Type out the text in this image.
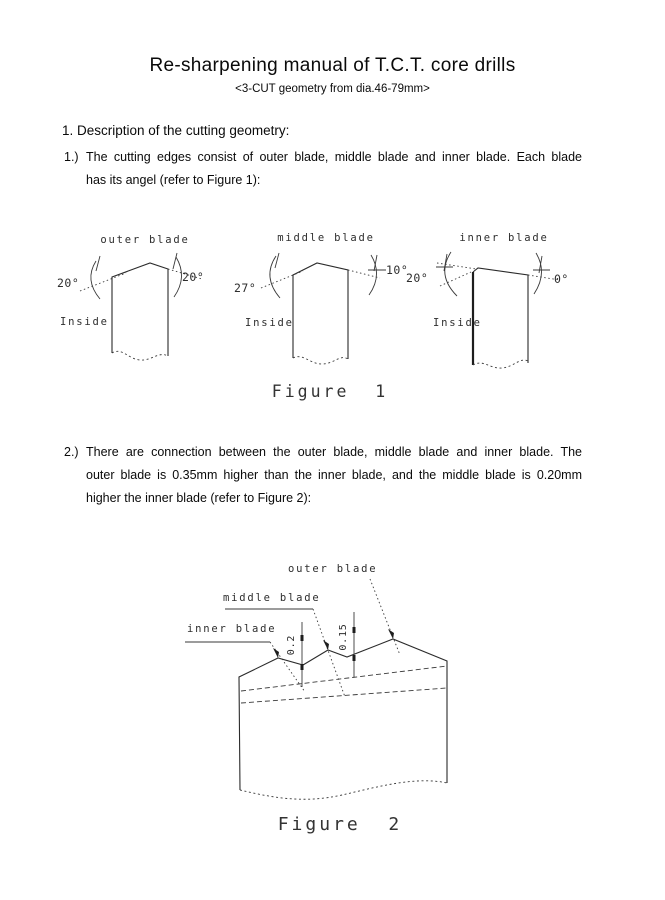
Re-sharpening manual of T.C.T. core drills
<3-CUT geometry from dia.46-79mm>
1. Description of the cutting geometry:
1.) The cutting edges consist of outer blade, middle blade and inner blade. Each blade
has its angel (refer to Figure 1):
2.) There are connection between the outer blade, middle blade and inner blade. The
outer blade is 0.35mm higher than the inner blade, and the middle blade is 0.20mm
higher the inner blade (refer to Figure 2):
outer blade
20°	20°
Inside
middle blade
27°
10°
Inside
inner blade
20°	0°
Inside
Figure  1
outer blade
middle blade
inner blade
0.2	0.15
Figure  2
